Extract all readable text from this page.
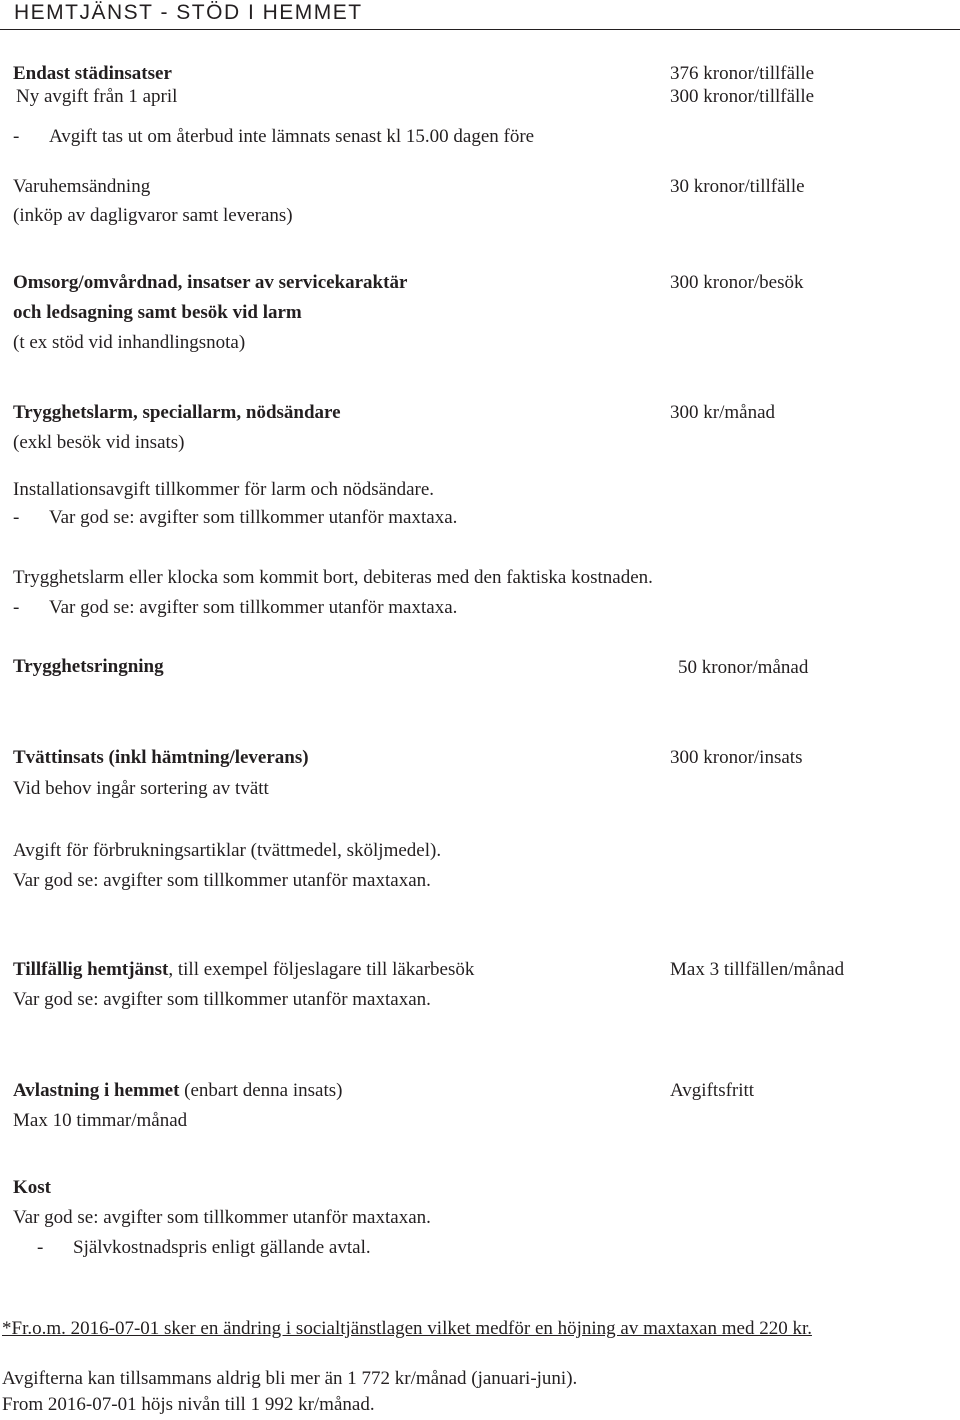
HEMTJÄNST - STÖD I HEMMET
Endast städinsatser
Ny avgift från 1 april
376 kronor/tillfälle
300 kronor/tillfälle
- Avgift tas ut om återbud inte lämnats senast kl 15.00 dagen före
Varuhemsändning
(inköp av dagligvaror samt leverans)
30 kronor/tillfälle
Omsorg/omvårdnad, insatser av servicekaraktär
och ledsagning samt besök vid larm
(t ex stöd vid inhandlingsnota)
300 kronor/besök
Trygghetslarm, speciallarm, nödsändare
(exkl besök vid insats)
300 kr/månad
Installationsavgift tillkommer för larm och nödsändare.
- Var god se: avgifter som tillkommer utanför maxtaxa.
Trygghetslarm eller klocka som kommit bort, debiteras med den faktiska kostnaden.
- Var god se: avgifter som tillkommer utanför maxtaxa.
Trygghetsringning	50 kronor/månad
Tvättinsats (inkl hämtning/leverans)
Vid behov ingår sortering av tvätt
300 kronor/insats
Avgift för förbrukningsartiklar (tvättmedel, sköljmedel).
Var god se: avgifter som tillkommer utanför maxtaxan.
Tillfällig hemtjänst, till exempel följeslagare till läkarbesök
Var god se: avgifter som tillkommer utanför maxtaxan.
Max 3 tillfällen/månad
Avlastning i hemmet (enbart denna insats)
Max 10 timmar/månad
Avgiftsfritt
Kost
Var god se: avgifter som tillkommer utanför maxtaxan.
- Självkostnadspris enligt gällande avtal.
*Fr.o.m. 2016-07-01 sker en ändring i socialtjänstlagen vilket medför en höjning av maxtaxan med 220 kr.
Avgifterna kan tillsammans aldrig bli mer än 1 772 kr/månad (januari-juni).
From 2016-07-01 höjs nivån till 1 992 kr/månad.
